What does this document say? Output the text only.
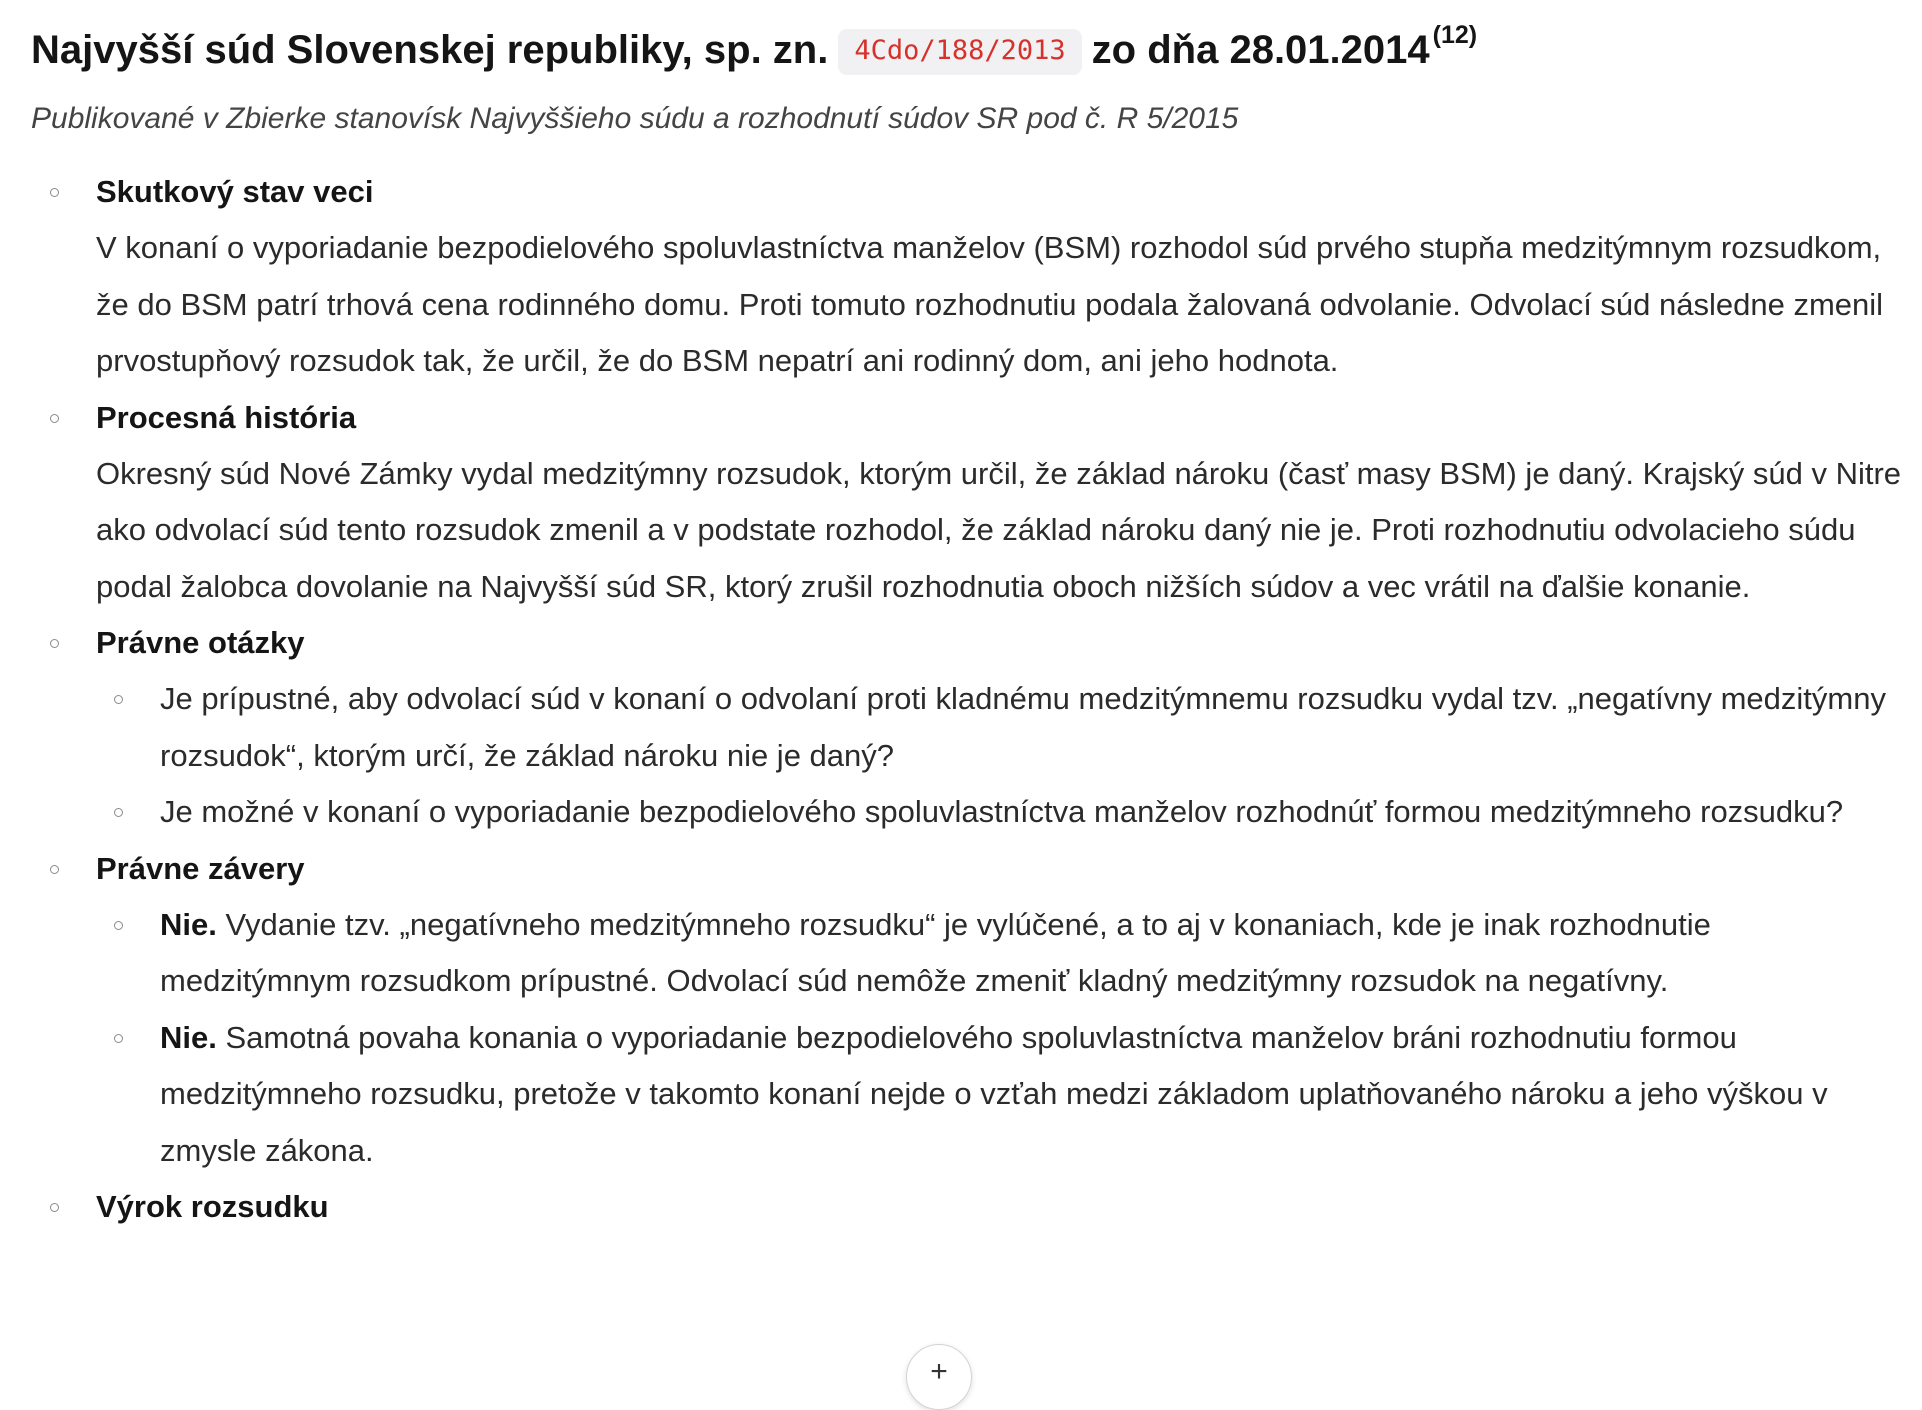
Najvyšší súd Slovenskej republiky, sp. zn. 4Cdo/188/2013 zo dňa 28.01.2014 $^{(12)}$

Publikované v Zbierke stanovísk Najvyššieho súdu a rozhodnutí súdov SR pod č. R 5/2015

Skutkový stav veci

V konaní o vyporiadanie bezpodielového spoluvlastníctva manželov (BSM) rozhodol súd prvého stupňa medzitýmnym rozsudkom, že do BSM patrí trhová cena rodinného domu. Proti tomuto rozhodnutiu podala žalovaná odvolanie. Odvolací súd následne zmenil prvostupňový rozsudok tak, že určil, že do BSM nepatrí ani rodinný dom, ani jeho hodnota.

Procesná história

Okresný súd Nové Zámky vydal medzitýmny rozsudok, ktorým určil, že základ nároku (časť masy BSM) je daný. Krajský súd v Nitre ako odvolací súd tento rozsudok zmenil a v podstate rozhodol, že základ nároku daný nie je. Proti rozhodnutiu odvolacieho súdu podal žalobca dovolanie na Najvyšší súd SR, ktorý zrušil rozhodnutia oboch nižších súdov a vec vrátil na ďalšie konanie.

Právne otázky
Je prípustné, aby odvolací súd v konaní o odvolaní proti kladnému medzitýmnemu rozsudku vydal tzv. „negatívny medzitýmny rozsudok“, ktorým určí, že základ nároku nie je daný?
Je možné v konaní o vyporiadanie bezpodielového spoluvlastníctva manželov rozhodnúť formou medzitýmneho rozsudku?
Právne závery
Nie. Vydanie tzv. „negatívneho medzitýmneho rozsudku“ je vylúčené, a to aj v konaniach, kde je inak rozhodnutie medzitýmnym rozsudkom prípustné. Odvolací súd nemôže zmeniť kladný medzitýmny rozsudok na negatívny.
Nie. Samotná povaha konania o vyporiadanie bezpodielového spoluvlastníctva manželov bráni rozhodnutiu formou medzitýmneho rozsudku, pretože v takomto konaní nejde o vzťah medzi základom uplatňovaného nároku a jeho výškou v zmysle zákona.
Výrok rozsudku
+
